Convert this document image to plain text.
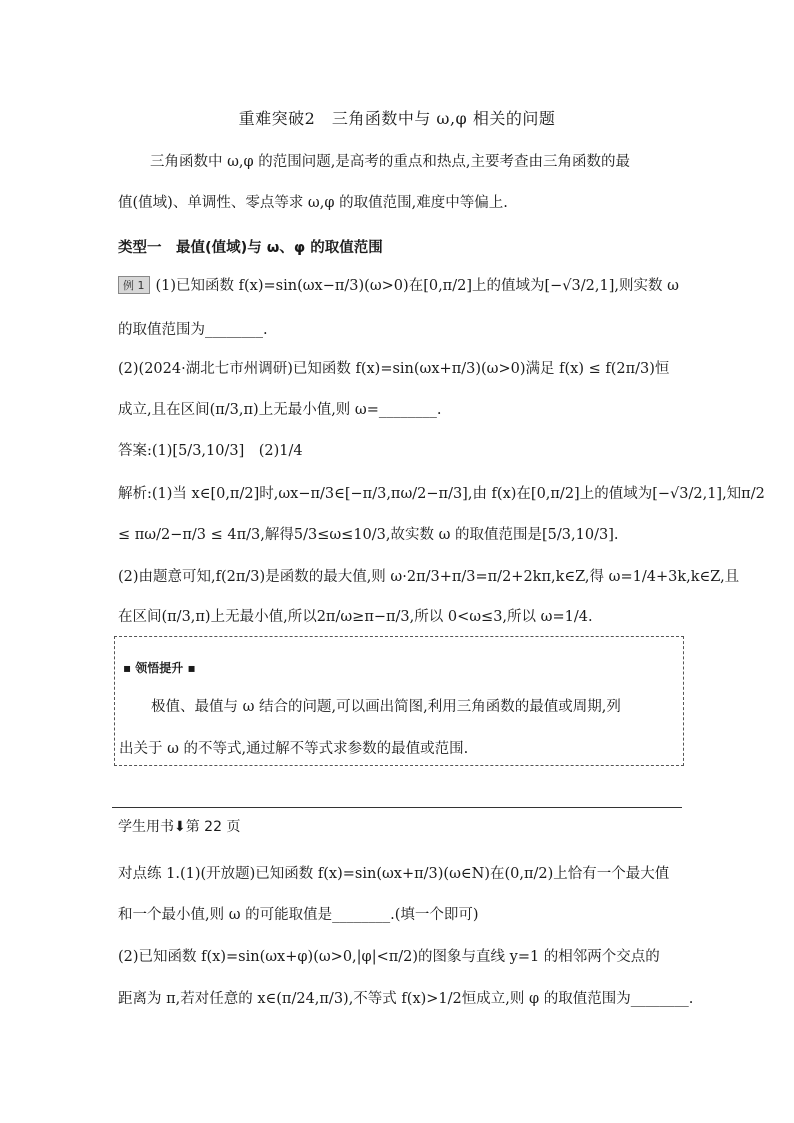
重难突破2　三角函数中与 ω,φ 相关的问题
三角函数中 ω,φ 的范围问题,是高考的重点和热点,主要考查由三角函数的最
值(值域)、单调性、零点等求 ω,φ 的取值范围,难度中等偏上.
类型一　最值(值域)与 ω、φ 的取值范围
例 1 (1)已知函数 f(x)=sin(ωx−π/3)(ω>0)在[0,π/2]上的值域为[−√3/2,1],则实数 ω
的取值范围为________.
(2)(2024·湖北七市州调研)已知函数 f(x)=sin(ωx+π/3)(ω>0)满足 f(x) ≤ f(2π/3)恒
成立,且在区间(π/3,π)上无最小值,则 ω=________.
答案:(1)[5/3,10/3]　(2)1/4
解析:(1)当 x∈[0,π/2]时,ωx−π/3∈[−π/3,πω/2−π/3],由 f(x)在[0,π/2]上的值域为[−√3/2,1],知π/2
≤ πω/2−π/3 ≤ 4π/3,解得5/3≤ω≤10/3,故实数 ω 的取值范围是[5/3,10/3].
(2)由题意可知,f(2π/3)是函数的最大值,则 ω·2π/3+π/3=π/2+2kπ,k∈Z,得 ω=1/4+3k,k∈Z,且
在区间(π/3,π)上无最小值,所以2π/ω≥π−π/3,所以 0<ω≤3,所以 ω=1/4.
▪ 领悟提升 ▪
极值、最值与 ω 结合的问题,可以画出简图,利用三角函数的最值或周期,列
出关于 ω 的不等式,通过解不等式求参数的最值或范围.
学生用书⬇第 22 页
对点练 1.(1)(开放题)已知函数 f(x)=sin(ωx+π/3)(ω∈N)在(0,π/2)上恰有一个最大值
和一个最小值,则 ω 的可能取值是________.(填一个即可)
(2)已知函数 f(x)=sin(ωx+φ)(ω>0,|φ|<π/2)的图象与直线 y=1 的相邻两个交点的
距离为 π,若对任意的 x∈(π/24,π/3),不等式 f(x)>1/2恒成立,则 φ 的取值范围为________.
